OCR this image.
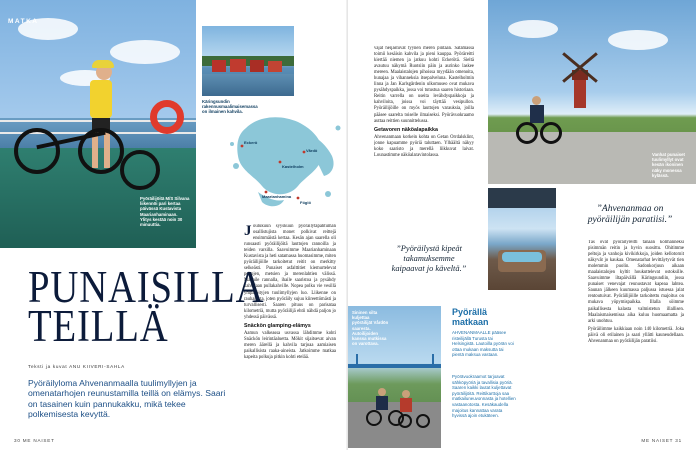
MATKA
Pyöräilijöitä M/S Silvana liikennöi pari kertaa päivässä Kustavista Maarianhaminaan. Ylitys kestää noin 30 minuuttia.
Käringsundin rakennusmaalimaisemassa on ilmainen kahvila.
Eckerö
Maarianhamina
Kastelholm
Vårdö
Föglö

Joulukuun syyskuun pyöräilytapahtuman osallistujista monet polkivat reittejä ensimmäistä kertaa. Kesän ajan saarella oli runsaasti pyöräilijöitä lauttojen rannoilla ja teiden varsilla. Saavuimme Maarianhaminaan Kustavista ja heti satamassa huomasimme, miten pyöräilijöille tarkoitetut reitit on merkitty selkeästi. Punaiset asfalttitiet kiemurtelevat peltojen, metsien ja merenlahtien välissä. Makaile rannalla, ihaile saaristoa ja pysähdy kahvilaan pullakahville. Nopea polku vie vesillä ympäröityjen tuulimyllyjen luo. Liikenne on rauhallista, joten pyöräily sujuu kiireettömästi ja turvallisesti. Saaren pituus on parisataa kilometriä, mutta pyöräilijä ehtii nähdä paljon jo yhdessä päivässä.

Snäckön glamping-elämys

Aamun valkeassa usvassa lähdimme kohti Snäckön leirintäaluetta. Mökit sijaitsevat aivan meren äärellä ja kahvila tarjoaa aamiaisen paikallisista raaka-aineista. Jatkoimme matkaa kapeita polkuja pitkin kohti etelää.

PUNAISILLA
TEILLÄ
Teksti ja kuvat ANU KIIVERI-SAHLA
Pyöräilyloma Ahvenanmaalla tuulimyllyjen ja omenatarhojen reunustamilla teillä on elämys. Saari on tasainen kuin pannukakku, mikä tekee polkemisesta kevyttä.
30 ME NAISET

vajat heijastuvat tyynen meren pintaan. Satamassa toimii kesäisin kahvila ja pieni kauppa. Pyöräreitti kiertää niemen ja jatkuu kohti Eckerötä. Sieltä avautuu näkymä Ruotsiin päin ja aurinko laskee mereen. Maalaistalojen pihoissa myydään omenoita, hunajaa ja vihanneksia itsepalveluna. Kastelholmin linna ja Jan Karlsgårdenin ulkomuseo ovat mukava pysähdyspaikka, jossa voi tutustua saaren historiaan. Reitin varrella on useita levähdyspaikkoja ja kahviloita, joissa voi täyttää vesipullon. Pyöräilijöille on myös lauttojen varauksia, joilla pääsee saarelta toiselle ilmaiseksi. Pyörävuokraamo auttaa reittien suunnittelussa.

Getavoren näköalapaikka

Ahvenanmaan korkein kohta on Getan Orrdalsklint, jonne kapuamme pyöriä taluttaen. Ylhäältä näkyy koko saaristo ja merellä liikkuvat laivat. Lounastimme näköalaravintolassa.

”Pyöräilystä kipeät takamuksemme kaipaavat jo käveltä.”
Sininen silta kuljettaa pyöräilijät Vårdön saaresta. Autoilijoiden kanssa mutkissa on varottava.
Pyörällä
matkaan
AHVENANMAALLE pääsee risteilijällä Turusta tai Helsingistä. Lautoilla pyörän voi ottaa mukaan maksutta tai pientä maksua vastaan.
Pyörävuokraamot tarjoavat sähköpyöriä ja tavallisia pyöriä. Saaren kaikki lautat kuljettavat pyöräilijöitä. Reittikarttoja saa matkailuneuvonnasta ja hotellien vastaanotosta. Kesäkaudella majoitus kannattaa varata hyvissä ajoin etukäteen.
Vanhat punaiset tuulimyllyt ovat kesän ikoninen näky monessa kylässä.
”Ahvenanmaa on pyöräilijän paratiisi.”

Täs ovat pyöräilyreitti tänään kolmanneksi pisimmän reitin ja hyvin suosittu. Ohitimme peltoja ja vanhoja kivikirkkoja, joiden kellotornit näkyvät jo kaukaa. Omenatarhat levittäytyvät tien molemmin puolin. Sadonkorjuun aikaan maalaistalojen kyltit houkuttelevat ostoksille. Saavuimme iltapäivällä Käringsundiin, jossa punaiset venevajat reunustavat kapeaa lahtea. Saunan jälkeen kuumassa paljussa istuessa jalat rentoutuivat. Pyöräilijöille tarkoitettu majoitus on mukava yöpymispaikka. Illalla söimme paikallisesta kalasta valmistetun illallisen. Maalaismaisemissa aika kuluu huomaamatta ja arki unohtuu.

Pyöräilimme kaikkiaan noin 140 kilometriä. Joka päivä oli erilainen ja saari yllätti kauneudellaan. Ahvenanmaa on pyöräilijän paratiisi.

ME NAISET 31
